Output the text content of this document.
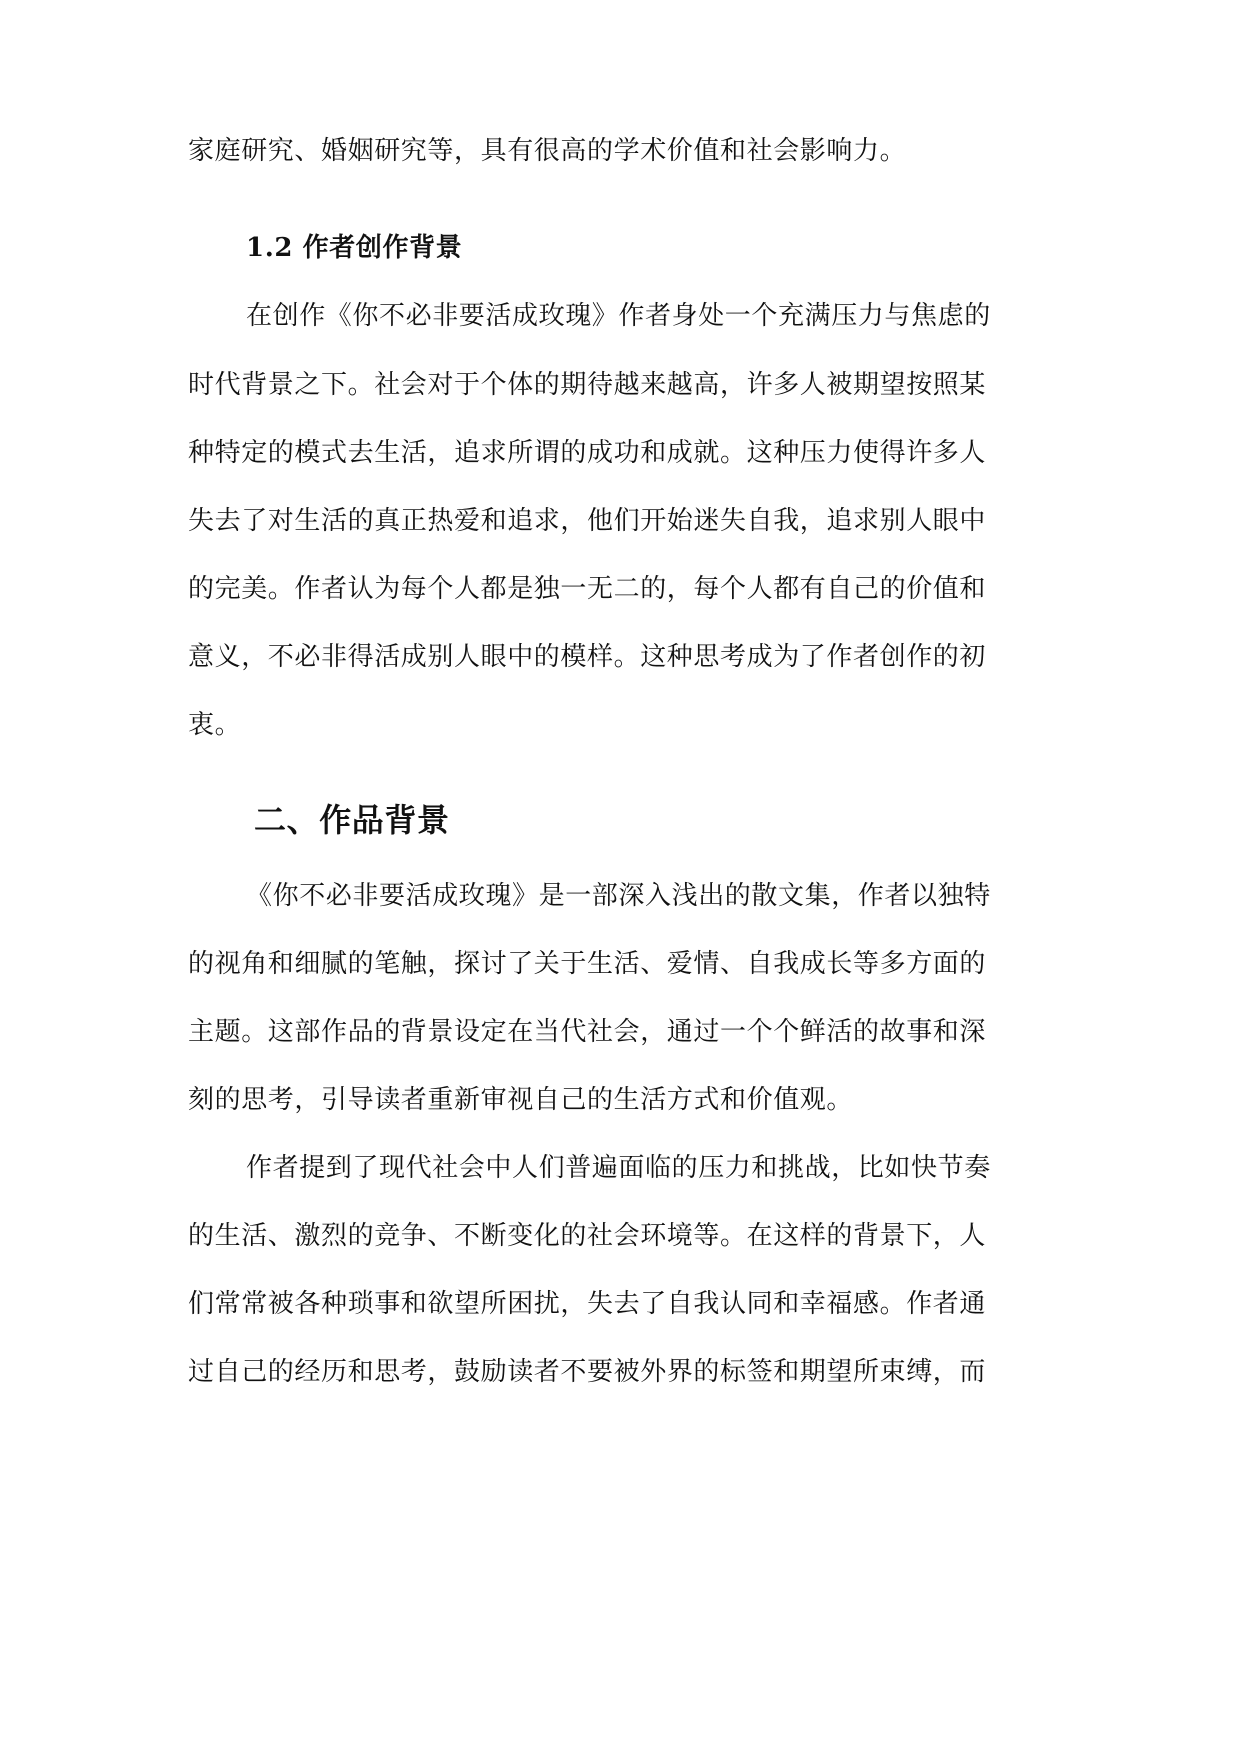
家庭研究、婚姻研究等，具有很高的学术价值和社会影响力。
1.2 作者创作背景
在创作《你不必非要活成玫瑰》作者身处一个充满压力与焦虑的
时代背景之下。社会对于个体的期待越来越高，许多人被期望按照某
种特定的模式去生活，追求所谓的成功和成就。这种压力使得许多人
失去了对生活的真正热爱和追求，他们开始迷失自我，追求别人眼中
的完美。作者认为每个人都是独一无二的，每个人都有自己的价值和
意义，不必非得活成别人眼中的模样。这种思考成为了作者创作的初
衷。
二、作品背景
《你不必非要活成玫瑰》是一部深入浅出的散文集，作者以独特
的视角和细腻的笔触，探讨了关于生活、爱情、自我成长等多方面的
主题。这部作品的背景设定在当代社会，通过一个个鲜活的故事和深
刻的思考，引导读者重新审视自己的生活方式和价值观。
作者提到了现代社会中人们普遍面临的压力和挑战，比如快节奏
的生活、激烈的竞争、不断变化的社会环境等。在这样的背景下，人
们常常被各种琐事和欲望所困扰，失去了自我认同和幸福感。作者通
过自己的经历和思考，鼓励读者不要被外界的标签和期望所束缚，而
